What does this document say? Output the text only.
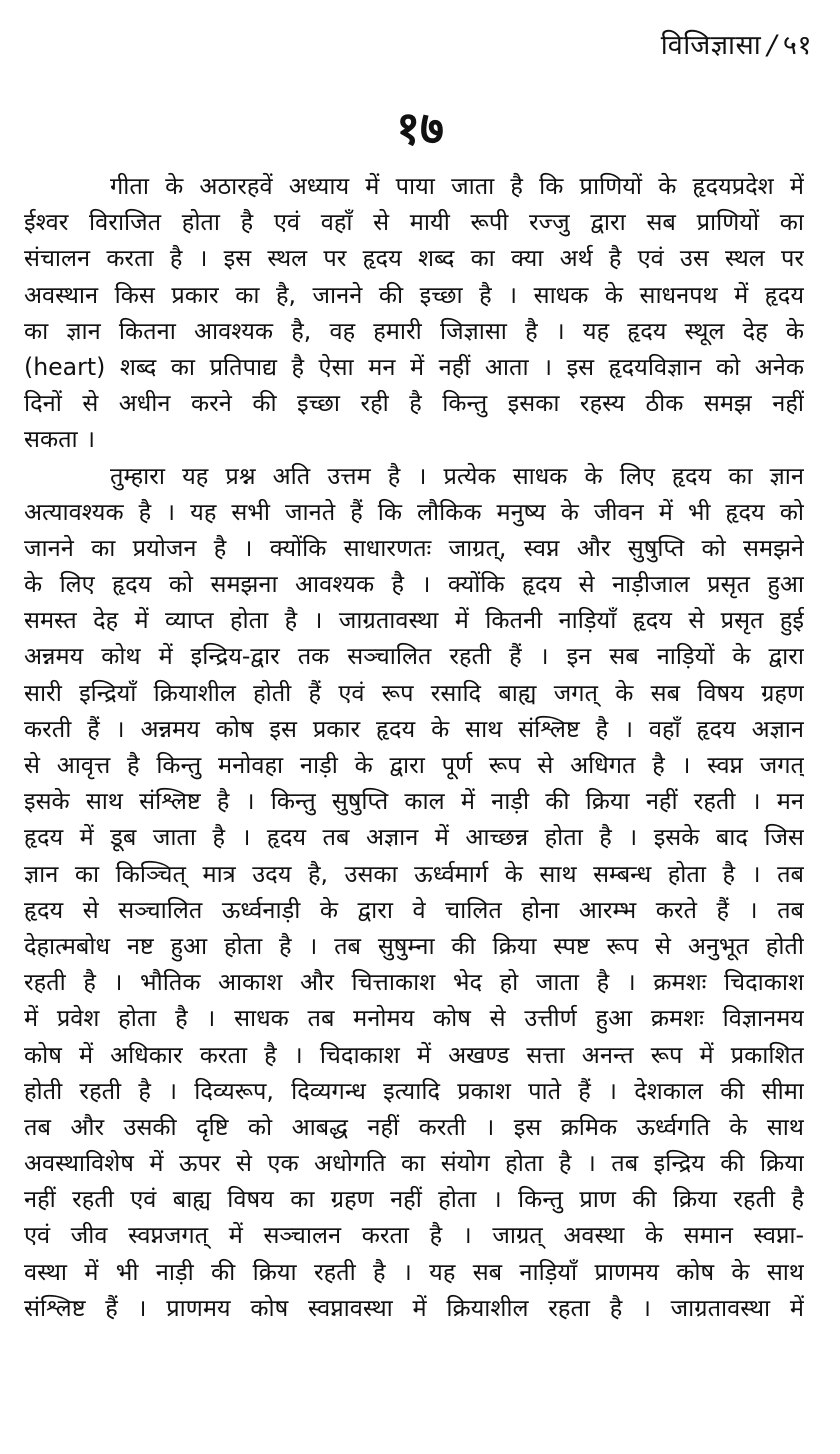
विजिज्ञासा / ५१
१७
गीता के अठारहवें अध्याय में पाया जाता है कि प्राणियों के हृदयप्रदेश में
ईश्वर विराजित होता है एवं वहाँ से मायी रूपी रज्जु द्वारा सब प्राणियों का
संचालन करता है । इस स्थल पर हृदय शब्द का क्या अर्थ है एवं उस स्थल पर
अवस्थान किस प्रकार का है, जानने की इच्छा है । साधक के साधनपथ में हृदय
का ज्ञान कितना आवश्यक है, वह हमारी जिज्ञासा है । यह हृदय स्थूल देह के
(heart) शब्द का प्रतिपाद्य है ऐसा मन में नहीं आता । इस हृदयविज्ञान को अनेक
दिनों से अधीन करने की इच्छा रही है किन्तु इसका रहस्य ठीक समझ नहीं
सकता ।
तुम्हारा यह प्रश्न अति उत्तम है । प्रत्येक साधक के लिए हृदय का ज्ञान
अत्यावश्यक है । यह सभी जानते हैं कि लौकिक मनुष्य के जीवन में भी हृदय को
जानने का प्रयोजन है । क्योंकि साधारणतः जाग्रत्, स्वप्न और सुषुप्ति को समझने
के लिए हृदय को समझना आवश्यक है । क्योंकि हृदय से नाड़ीजाल प्रसृत हुआ
समस्त देह में व्याप्त होता है । जाग्रतावस्था में कितनी नाड़ियाँ हृदय से प्रसृत हुई
अन्नमय कोथ में इन्द्रिय-द्वार तक सञ्चालित रहती हैं । इन सब नाड़ियों के द्वारा
सारी इन्द्रियाँ क्रियाशील होती हैं एवं रूप रसादि बाह्य जगत् के सब विषय ग्रहण
करती हैं । अन्नमय कोष इस प्रकार हृदय के साथ संश्लिष्ट है । वहाँ हृदय अज्ञान
से आवृत्त है किन्तु मनोवहा नाड़ी के द्वारा पूर्ण रूप से अधिगत है । स्वप्न जगत्
इसके साथ संश्लिष्ट है । किन्तु सुषुप्ति काल में नाड़ी की क्रिया नहीं रहती । मन
हृदय में डूब जाता है । हृदय तब अज्ञान में आच्छन्न होता है । इसके बाद जिस
ज्ञान का किञ्चित् मात्र उदय है, उसका ऊर्ध्वमार्ग के साथ सम्बन्ध होता है । तब
हृदय से सञ्चालित ऊर्ध्वनाड़ी के द्वारा वे चालित होना आरम्भ करते हैं । तब
देहात्मबोध नष्ट हुआ होता है । तब सुषुम्ना की क्रिया स्पष्ट रूप से अनुभूत होती
रहती है । भौतिक आकाश और चित्ताकाश भेद हो जाता है । क्रमशः चिदाकाश
में प्रवेश होता है । साधक तब मनोमय कोष से उत्तीर्ण हुआ क्रमशः विज्ञानमय
कोष में अधिकार करता है । चिदाकाश में अखण्ड सत्ता अनन्त रूप में प्रकाशित
होती रहती है । दिव्यरूप, दिव्यगन्ध इत्यादि प्रकाश पाते हैं । देशकाल की सीमा
तब और उसकी दृष्टि को आबद्ध नहीं करती । इस क्रमिक ऊर्ध्वगति के साथ
अवस्थाविशेष में ऊपर से एक अधोगति का संयोग होता है । तब इन्द्रिय की क्रिया
नहीं रहती एवं बाह्य विषय का ग्रहण नहीं होता । किन्तु प्राण की क्रिया रहती है
एवं जीव स्वप्नजगत् में सञ्चालन करता है । जाग्रत् अवस्था के समान स्वप्ना-
वस्था में भी नाड़ी की क्रिया रहती है । यह सब नाड़ियाँ प्राणमय कोष के साथ
संश्लिष्ट हैं । प्राणमय कोष स्वप्नावस्था में क्रियाशील रहता है । जाग्रतावस्था में
